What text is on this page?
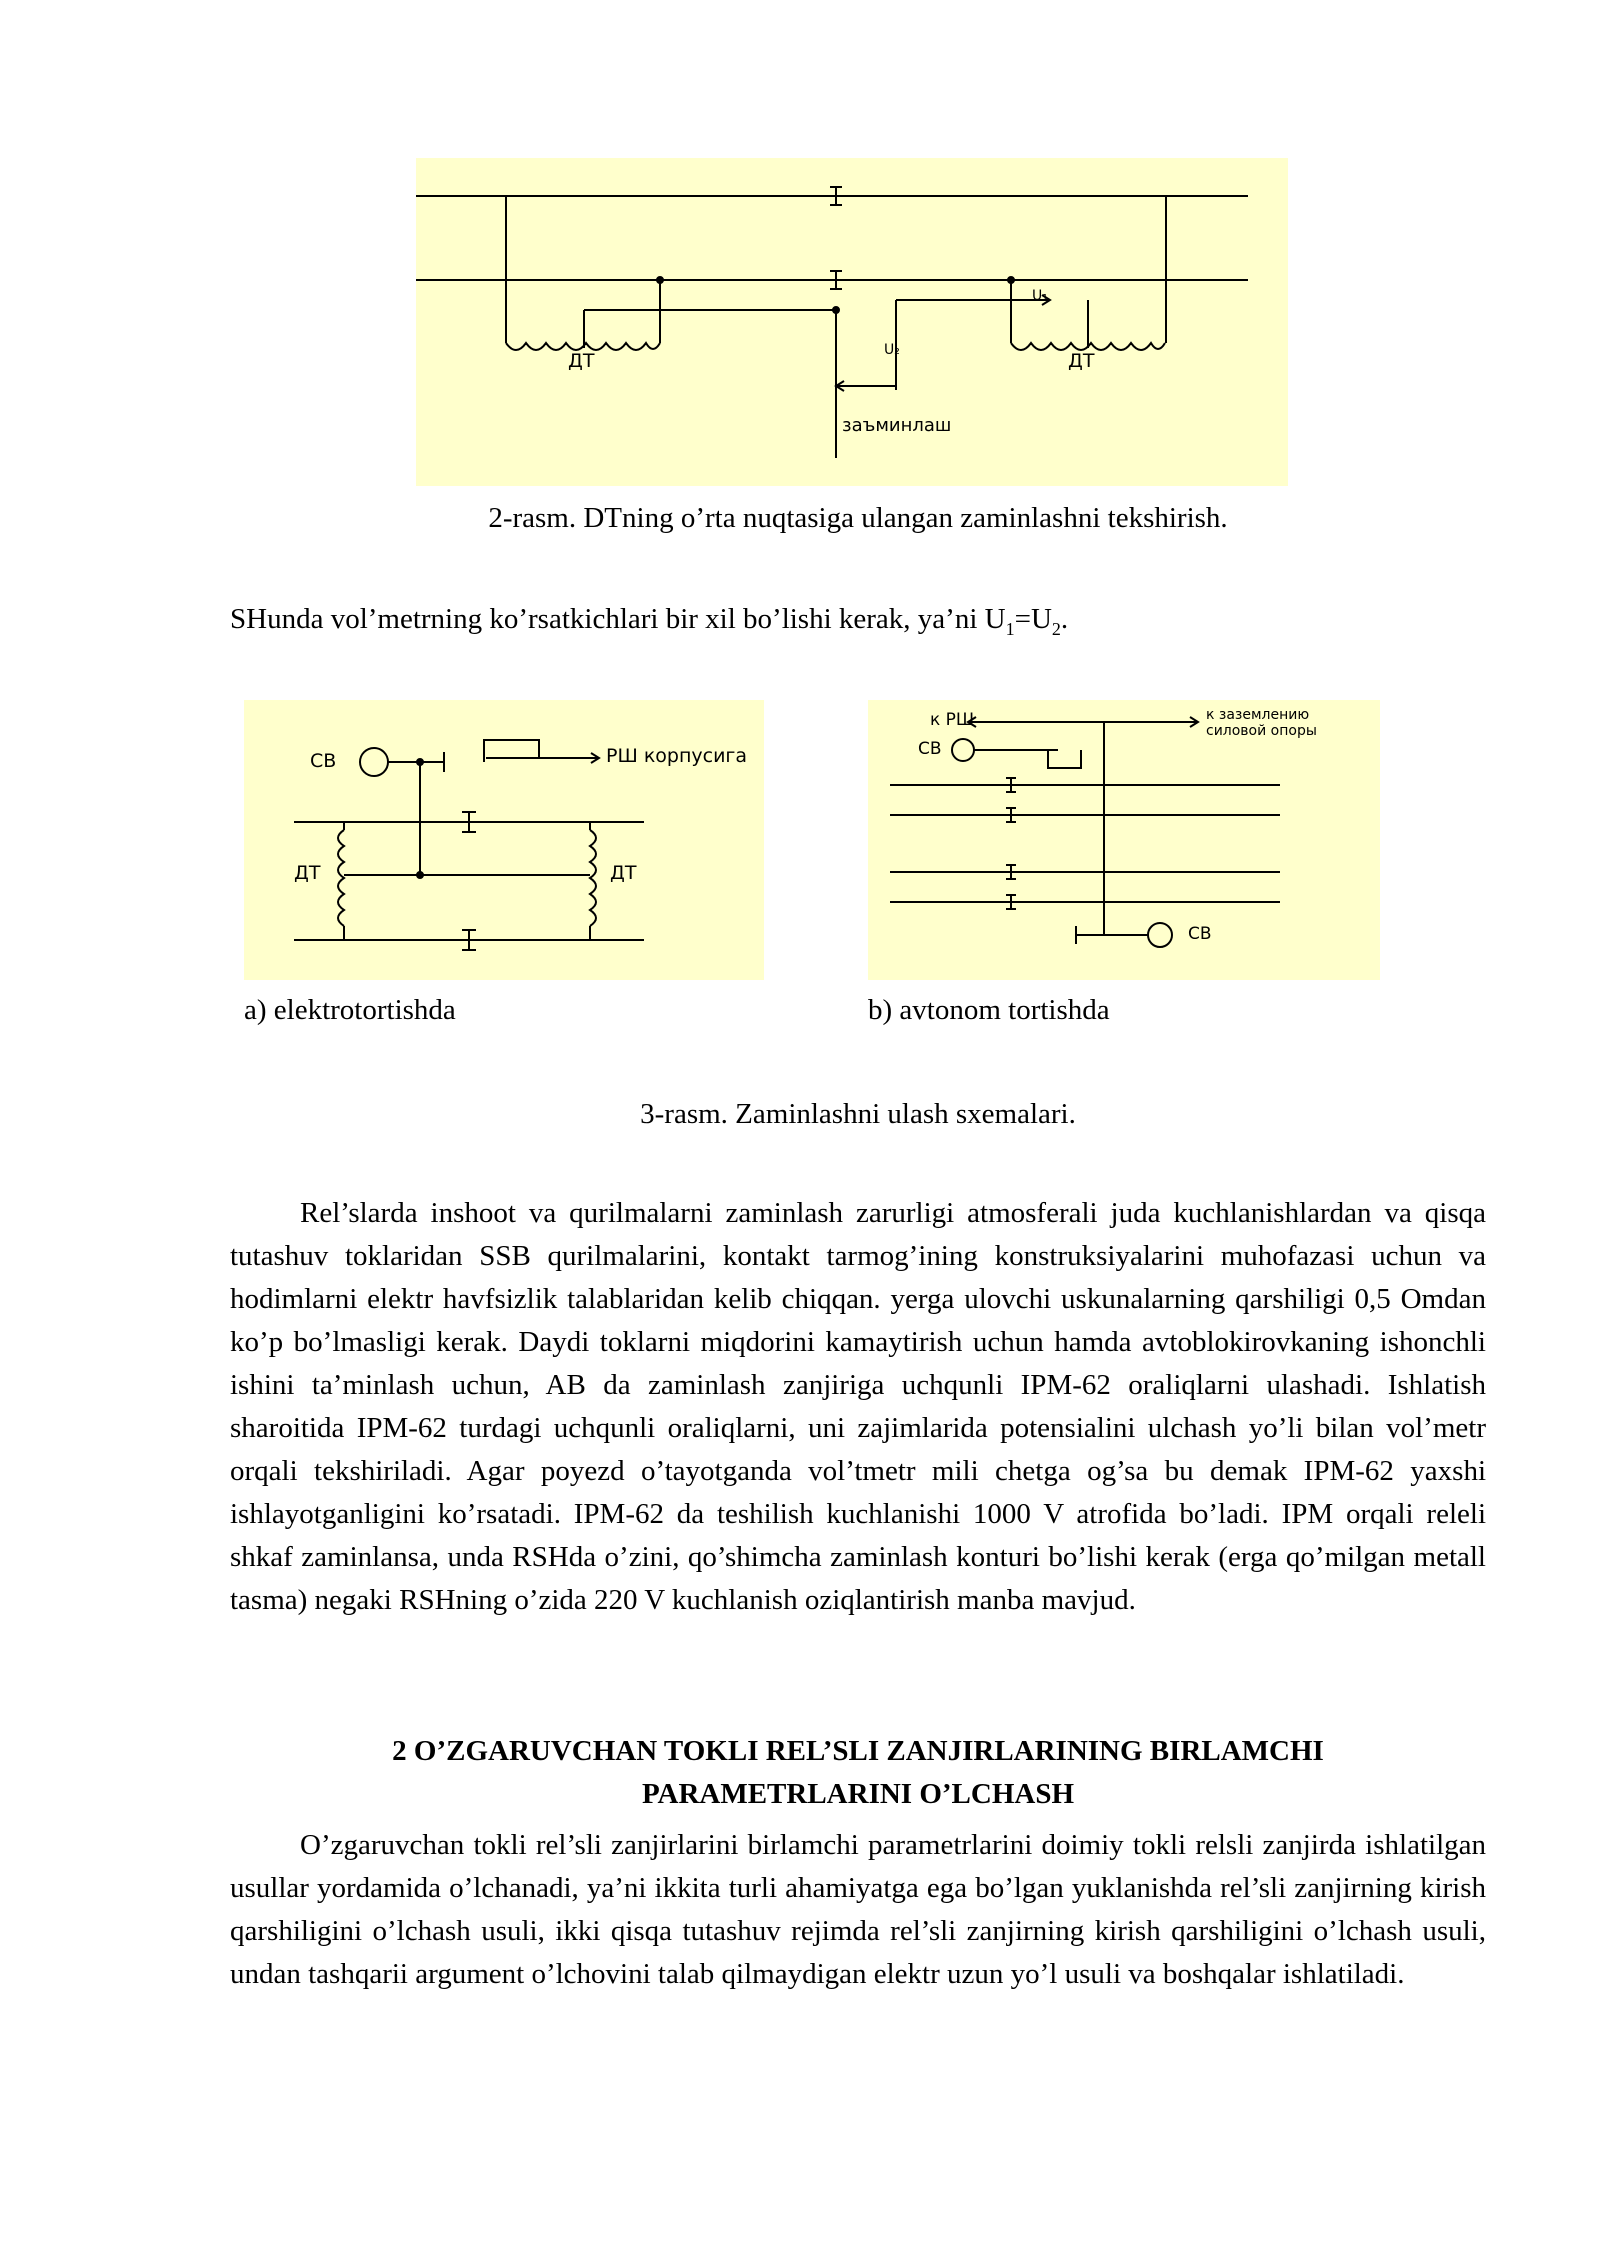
ДТ	ДТ
U₁
U₂
заъминлаш
2-rasm. DTning o’rta nuqtasiga ulangan zaminlashni tekshirish.

SHunda vol’metrning ko’rsatkichlari bir xil bo’lishi kerak, ya’ni $U_1=U_2$.

СВ	РШ корпусига
ДТ	ДТ
к РШ
СВ
к заземлению
силовой опоры
СВ
a) elektrotortishda	b) avtonom tortishda
3-rasm. Zaminlashni ulash sxemalari.

Rel’slarda inshoot va qurilmalarni zaminlash zarurligi atmosferali juda kuchlanishlardan va qisqa tutashuv toklaridan SSB qurilmalarini, kontakt tarmog’ining konstruksiyalarini muhofazasi uchun va hodimlarni elektr havfsizlik talablaridan kelib chiqqan. yerga ulovchi uskunalarning qarshiligi 0,5 Omdan ko’p bo’lmasligi kerak. Daydi toklarni miqdorini kamaytirish uchun hamda avtoblokirovkaning ishonchli ishini ta’minlash uchun, AB da zaminlash zanjiriga uchqunli IPM-62 oraliqlarni ulashadi. Ishlatish sharoitida IPM-62 turdagi uchqunli oraliqlarni, uni zajimlarida potensialini ulchash yo’li bilan vol’metr orqali tekshiriladi. Agar poyezd o’tayotganda vol’tmetr mili chetga og’sa bu demak IPM-62 yaxshi ishlayotganligini ko’rsatadi. IPM-62 da teshilish kuchlanishi 1000 V atrofida bo’ladi. IPM orqali releli shkaf zaminlansa, unda RSHda o’zini, qo’shimcha zaminlash konturi bo’lishi kerak (erga qo’milgan metall tasma) negaki RSHning o’zida 220 V kuchlanish oziqlantirish manba mavjud.

2 O’ZGARUVCHAN TOKLI REL’SLI ZANJIRLARINING BIRLAMCHI
PARAMETRLARINI O’LCHASH

O’zgaruvchan tokli rel’sli zanjirlarini birlamchi parametrlarini doimiy tokli relsli zanjirda ishlatilgan usullar yordamida o’lchanadi, ya’ni ikkita turli ahamiyatga ega bo’lgan yuklanishda rel’sli zanjirning kirish qarshiligini o’lchash usuli, ikki qisqa tutashuv rejimda rel’sli zanjirning kirish qarshiligini o’lchash usuli, undan tashqarii argument o’lchovini talab qilmaydigan elektr uzun yo’l usuli va boshqalar ishlatiladi.
